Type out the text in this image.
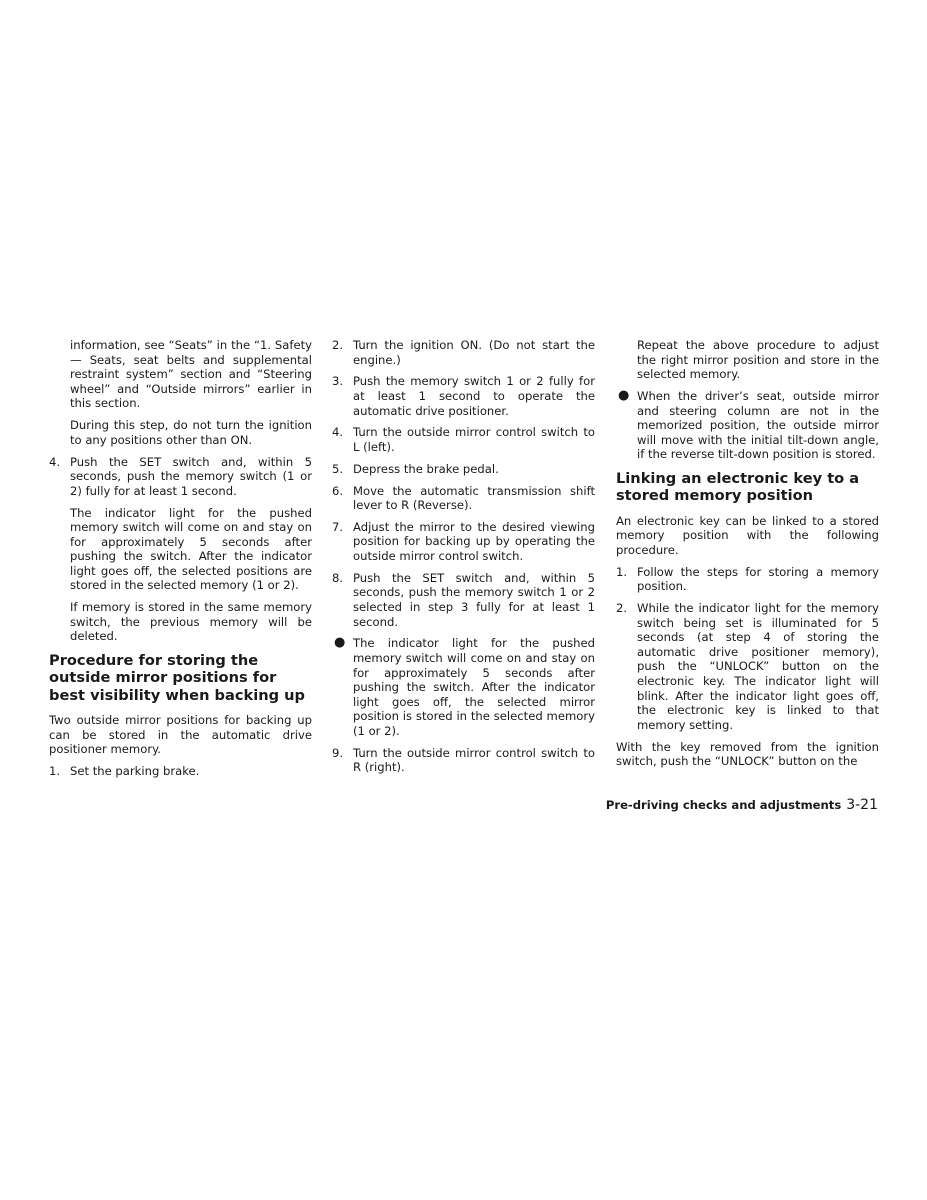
information, see “Seats” in the “1. Safety — Seats, seat belts and supplemental restraint system” section and “Steering wheel” and “Outside mirrors” earlier in this section.

During this step, do not turn the ignition to any positions other than ON.

4. Push the SET switch and, within 5 seconds, push the memory switch (1 or 2) fully for at least 1 second.

The indicator light for the pushed memory switch will come on and stay on for approximately 5 seconds after pushing the switch. After the indicator light goes off, the selected positions are stored in the selected memory (1 or 2).

If memory is stored in the same memory switch, the previous memory will be deleted.

Procedure for storing the outside mirror positions for best visibility when backing up

Two outside mirror positions for backing up can be stored in the automatic drive positioner memory.

1. Set the parking brake.
2. Turn the ignition ON. (Do not start the engine.)
3. Push the memory switch 1 or 2 fully for at least 1 second to operate the automatic drive positioner.
4. Turn the outside mirror control switch to L (left).
5. Depress the brake pedal.
6. Move the automatic transmission shift lever to R (Reverse).
7. Adjust the mirror to the desired viewing position for backing up by operating the outside mirror control switch.
8. Push the SET switch and, within 5 seconds, push the memory switch 1 or 2 selected in step 3 fully for at least 1 second.
● The indicator light for the pushed memory switch will come on and stay on for approximately 5 seconds after pushing the switch. After the indicator light goes off, the selected mirror position is stored in the selected memory (1 or 2).
9. Turn the outside mirror control switch to R (right).

Repeat the above procedure to adjust the right mirror position and store in the selected memory.

● When the driver’s seat, outside mirror and steering column are not in the memorized position, the outside mirror will move with the initial tilt-down angle, if the reverse tilt-down position is stored.
Linking an electronic key to a stored memory position

An electronic key can be linked to a stored memory position with the following procedure.

1. Follow the steps for storing a memory position.
2. While the indicator light for the memory switch being set is illuminated for 5 seconds (at step 4 of storing the automatic drive positioner memory), push the “UNLOCK” button on the electronic key. The indicator light will blink. After the indicator light goes off, the electronic key is linked to that memory setting.

With the key removed from the ignition switch, push the “UNLOCK” button on the

Pre-driving checks and adjustments 3-21
